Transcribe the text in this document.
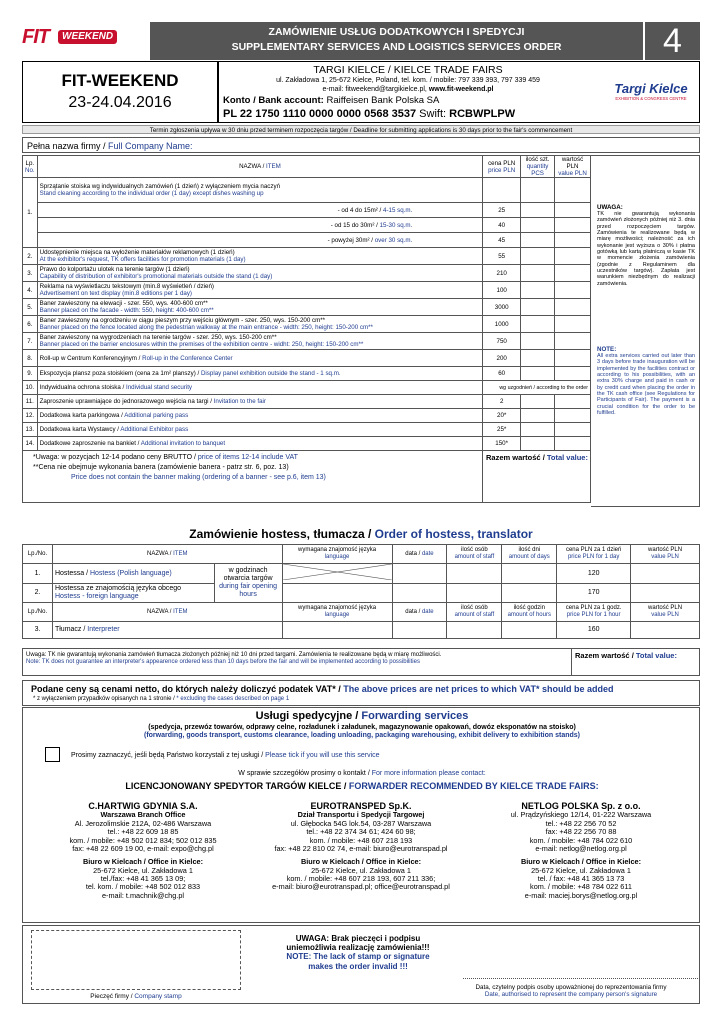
FIT	WEEKEND	ZAMÓWIENIE USŁUG DODATKOWYCH I SPEDYCJI
SUPPLEMENTARY SERVICES AND LOGISTICS SERVICES ORDER	4
FIT-WEEKEND
23-24.04.2016
TARGI KIELCE / KIELCE TRADE FAIRS
ul. Zakładowa 1, 25-672 Kielce, Poland, tel. kom. / mobile: 797 339 393, 797 339 459
e-mail: fitweekend@targikielce.pl, www.fit-weekend.pl
Konto / Bank account: Raiffeisen Bank Polska SA
PL 22 1750 1110 0000 0000 0568 3537 Swift: RCBWPLPW
Targi Kielce
EXHIBITION & CONGRESS CENTRE
Termin zgłoszenia upływa w 30 dniu przed terminem rozpoczęcia targów / Deadline for submitting applications is 30 days prior to the fair's commencement
Pełna nazwa firmy / Full Company Name:
Lp.
No.	NAZWA / ITEM	cena PLN
price PLN	ilość szt.
quantity PCS	wartość PLN
value PLN
1.	Sprzątanie stoiska wg indywidualnych zamówień (1 dzień) z wyłączeniem mycia naczyń
Stand cleaning according to the individual order (1 day) except dishes washing up			
	- od 4 do 15m² / 4-15 sq.m.	25		
	- od 15 do 30m² / 15-30 sq.m.	40		
	- powyżej 30m² / over 30 sq.m.	45		
2.	Udostępnienie miejsca na wyłożenie materiałów reklamowych (1 dzień)
At the exhibitor's request, TK offers facilities for promotion materials (1 day)	55		
3.	Prawo do kolportażu ulotek na terenie targów (1 dzień)
Capability of distribution of exhibitor's promotional materials outside the stand (1 day)	210		
4.	Reklama na wyświetlaczu tekstowym (min.8 wyświetleń / dzień)
Advertisement on text display (min.8 editions per 1 day)	100		
5.	Baner zawieszony na elewacji - szer. 550, wys. 400-600 cm**
Banner placed on the facade - width: 550, height: 400-600 cm**	3000		
6.	Baner zawieszony na ogrodzeniu w ciągu pieszym przy wejściu głównym - szer. 250, wys. 150-200 cm**
Banner placed on the fence located along the pedestrian walkway at the main entrance - width: 250, height: 150-200 cm**	1000		
7.	Baner zawieszony na wygrodzeniach na terenie targów - szer. 250, wys. 150-200 cm**
Banner placed on the barrier enclosures within the premises of the exhibition centre - widht: 250, height: 150-200 cm**	750		
8.	Roll-up w Centrum Konferencyjnym / Roll-up in the Conference Center	200		
9.	Ekspozycja plansz poza stoiskiem (cena za 1m² planszy) / Display panel exhibition outside the stand - 1 sq.m.	60		
10.	Indywidualna ochrona stoiska / Individual stand security	wg uzgodnień / according to the order		
11.	Zaproszenie uprawniające do jednorazowego wejścia na targi / Invitation to the fair	2		
12.	Dodatkowa karta parkingowa / Additional parking pass	20*		
13.	Dodatkowa karta Wystawcy / Additional Exhibitor pass	25*		
14.	Dodatkowe zaproszenie na bankiet / Additional invitation to banquet	150*		
*Uwaga: w pozycjach 12-14 podano ceny BRUTTO / price of items 12-14 include VAT
**Cena nie obejmuje wykonania banera (zamówienie banera - patrz str. 6, poz. 13)
Price does not contain the banner making (ordering of a banner - see p.6, item 13)
Razem wartość / Total value:
UWAGA:
TK nie gwarantują wykonania zamówień złożonych później niż 3. dnia przed rozpoczęciem targów. Zamówienia te realizowane będą w miarę możliwości; należność za ich wykonanie jest wyższa o 30% i płatna gotówką lub kartą płatniczą w kasie TK w momencie złożenia zamówienia (zgodnie z Regulaminem dla uczestników targów). Zapłata jest warunkiem niezbędnym do realizacji zamówienia.
NOTE:
All extra services carried out later than 3 days before trade inauguration will be implemented by the facilities contract or according to his possibilities, with an extra 30% charge and paid in cash or by credit card when placing the order in the TK cash office (see Regulations for Participants of Fair). The payment is a crucial condition for the order to be fulfilled.
Zamówienie hostess, tłumacza / Order of hostess, translator
Lp./No.	NAZWA / ITEM		wymagana znajomość języka
language	data / date	ilość osób
amount of staff	ilość dni
amount of days	cena PLN za 1 dzień
price PLN for 1 day	wartość PLN
value PLN
1.	Hostessa / Hostess (Polish language)	w godzinach otwarcia targów
during fair opening hours					120	
2.	Hostessa ze znajomością języka obcego
Hostess - foreign language						170	
Lp./No.	NAZWA / ITEM		wymagana znajomość języka
language	data / date	ilość osób
amount of staff	ilość godzin
amount of hours	cena PLN za 1 godz.
price PLN for 1 hour	wartość PLN
value PLN
3.	Tłumacz / Interpreter						160	
Uwaga: TK nie gwarantują wykonania zamówień tłumacza złożonych później niż 10 dni przed targami. Zamówienia te realizowane będą w miarę możliwości.
Note: TK does not guarantee an interpreter's appearence ordered less than 10 days before the fair and will be implemented according to possibilities
Razem wartość / Total value:
Podane ceny są cenami netto, do których należy doliczyć podatek VAT* / The above prices are net prices to which VAT* should be added
* z wyłączeniem przypadków opisanych na 1 stronie / * excluding the cases described on page 1
Usługi spedycyjne / Forwarding services
(spedycja, przewóz towarów, odprawy celne, rozładunek i załadunek, magazynowanie opakowań, dowóz eksponatów na stoisko)
(forwarding, goods transport, customs clearance, loading unloading, packaging warehousing, exhibit delivery to exhibition stands)
Prosimy zaznaczyć, jeśli będą Państwo korzystali z tej usługi / Please tick if you will use this service
W sprawie szczegółów prosimy o kontakt / For more information please contact:
LICENCJONOWANY SPEDYTOR TARGÓW KIELCE / FORWARDER RECOMMENDED BY KIELCE TRADE FAIRS:
C.HARTWIG GDYNIA S.A.
Warszawa Branch Office
Al. Jerozolimskie 212A, 02-486 Warszawa
tel.: +48 22 609 18 85
kom. / mobile: +48 502 012 834; 502 012 835
fax: +48 22 609 19 00, e-mail: expo@chg.pl
Biuro w Kielcach / Office in Kielce:
25-672 Kielce, ul. Zakładowa 1
tel./fax: +48 41 365 13 09;
tel. kom. / mobile: +48 502 012 833
e-mail: t.machnik@chg.pl
EUROTRANSPED Sp.K.
Dział Transportu i Spedycji Targowej
ul. Głębocka 54G lok.54, 03-287 Warszawa
tel.: +48 22 374 34 61; 424 60 98;
kom. / mobile: +48 607 218 193
fax: +48 22 810 02 74, e-mail: biuro@eurotranspad.pl
Biuro w Kielcach / Office in Kielce:
25-672 Kielce, ul. Zakładowa 1
kom. / mobile: +48 607 218 193, 607 211 336;
e-mail: biuro@eurotranspad.pl; office@eurotranspad.pl
NETLOG POLSKA Sp. z o.o.
ul. Prądzyńskiego 12/14, 01-222 Warszawa
tel.: +48 22 256 70 52
fax: +48 22 256 70 88
kom. / mobile: +48 784 022 610
e-mail: netlog@netlog.org.pl
Biuro w Kielcach / Office in Kielce:
25-672 Kielce, ul. Zakładowa 1
tel. / fax: +48 41 365 13 73
kom. / mobile: +48 784 022 611
e-mail: maciej.borys@netlog.org.pl
Pieczęć firmy / Company stamp
UWAGA: Brak pieczęci i podpisu
uniemożliwia realizację zamówienia!!!
NOTE: The lack of stamp or signature
makes the order invalid !!!
Data, czytelny podpis osoby upoważnionej do reprezentowania firmy
Date, authorised to represent the company person's signature
